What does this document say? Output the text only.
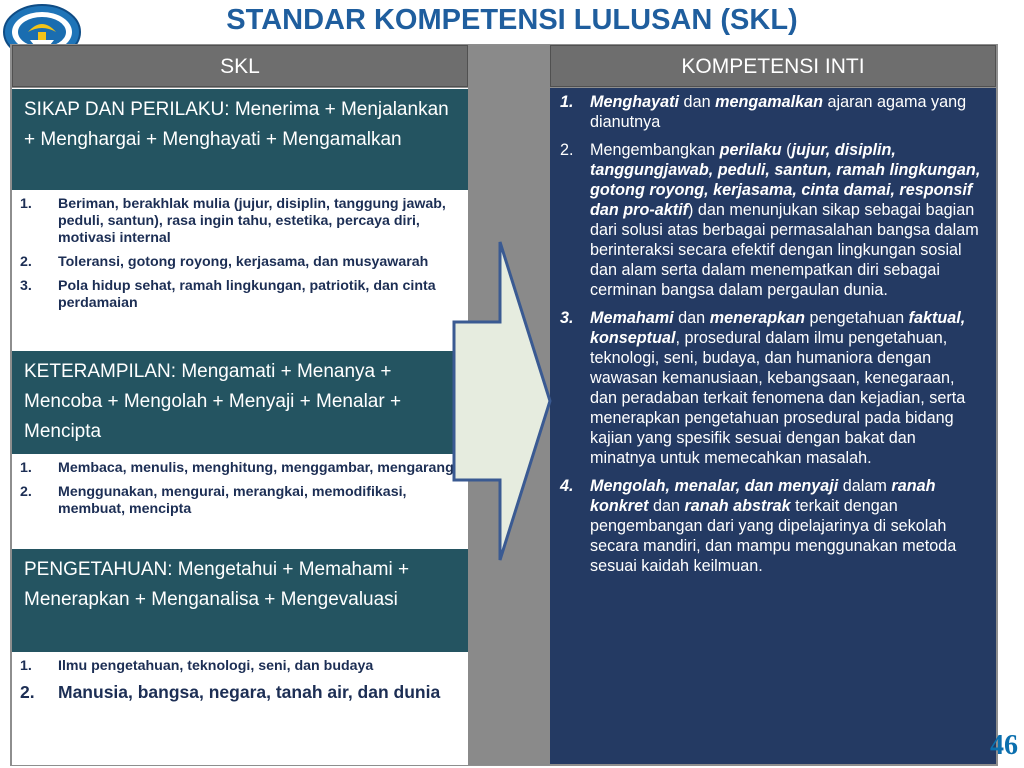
STANDAR KOMPETENSI LULUSAN (SKL)
SKL	KOMPETENSI INTI
SIKAP DAN PERILAKU: Menerima + Menjalankan + Menghargai + Menghayati + Mengamalkan
1.	Beriman, berakhlak mulia (jujur, disiplin, tanggung jawab, peduli, santun), rasa ingin tahu, estetika, percaya diri, motivasi internal
2.	Toleransi, gotong royong, kerjasama, dan musyawarah
3.	Pola hidup sehat, ramah lingkungan, patriotik, dan cinta perdamaian
KETERAMPILAN: Mengamati + Menanya + Mencoba + Mengolah + Menyaji + Menalar + Mencipta
1.	Membaca, menulis, menghitung, menggambar, mengarang
2.	Menggunakan, mengurai, merangkai, memodifikasi, membuat, mencipta
PENGETAHUAN: Mengetahui + Memahami + Menerapkan + Menganalisa + Mengevaluasi
1.	Ilmu pengetahuan, teknologi, seni, dan budaya
2.	Manusia, bangsa, negara, tanah air, dan dunia
1.	Menghayati dan mengamalkan ajaran agama yang dianutnya
2.	Mengembangkan perilaku (jujur, disiplin, tanggungjawab, peduli, santun, ramah lingkungan, gotong royong, kerjasama, cinta damai, responsif dan pro-aktif) dan menunjukan sikap sebagai bagian dari solusi atas berbagai permasalahan bangsa dalam berinteraksi secara efektif dengan lingkungan sosial dan alam serta dalam menempatkan diri sebagai cerminan bangsa dalam pergaulan dunia.
3.	Memahami dan menerapkan pengetahuan faktual, konseptual, prosedural dalam ilmu pengetahuan, teknologi, seni, budaya, dan humaniora dengan wawasan kemanusiaan, kebangsaan, kenegaraan, dan peradaban terkait fenomena dan kejadian, serta menerapkan pengetahuan prosedural pada bidang kajian yang spesifik sesuai dengan bakat dan minatnya untuk memecahkan masalah.
4.	Mengolah, menalar, dan menyaji dalam ranah konkret dan ranah abstrak terkait dengan pengembangan dari yang dipelajarinya di sekolah secara mandiri, dan mampu menggunakan metoda sesuai kaidah keilmuan.
46
